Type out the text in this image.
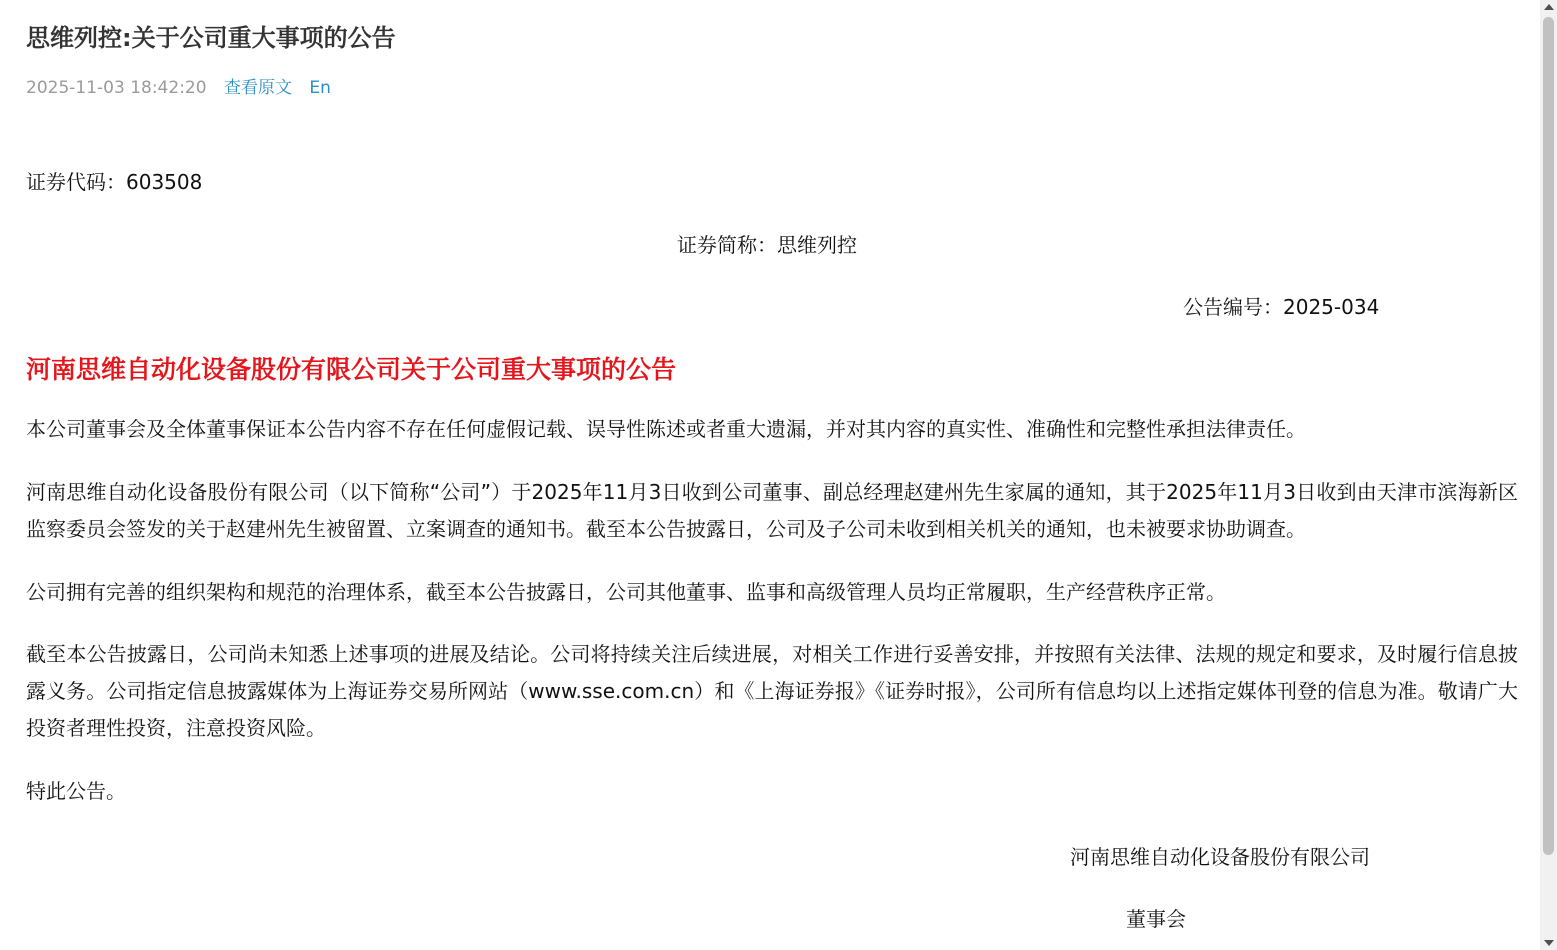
思维列控:关于公司重大事项的公告
2025-11-03 18:42:20 查看原文 En
证券代码：603508
证券简称：思维列控
公告编号：2025-034
河南思维自动化设备股份有限公司关于公司重大事项的公告
本公司董事会及全体董事保证本公告内容不存在任何虚假记载、误导性陈述或者重大遗漏，并对其内容的真实性、准确性和完整性承担法律责任。
河南思维自动化设备股份有限公司（以下简称“公司”）于2025年11月3日收到公司董事、副总经理赵建州先生家属的通知，其于2025年11月3日收到由天津市滨海新区监察委员会签发的关于赵建州先生被留置、立案调查的通知书。截至本公告披露日，公司及子公司未收到相关机关的通知，也未被要求协助调查。
公司拥有完善的组织架构和规范的治理体系，截至本公告披露日，公司其他董事、监事和高级管理人员均正常履职，生产经营秩序正常。
截至本公告披露日，公司尚未知悉上述事项的进展及结论。公司将持续关注后续进展，对相关工作进行妥善安排，并按照有关法律、法规的规定和要求，及时履行信息披露义务。公司指定信息披露媒体为上海证券交易所网站（www.sse.com.cn）和《上海证券报》《证券时报》，公司所有信息均以上述指定媒体刊登的信息为准。敬请广大投资者理性投资，注意投资风险。
特此公告。
河南思维自动化设备股份有限公司
董事会
